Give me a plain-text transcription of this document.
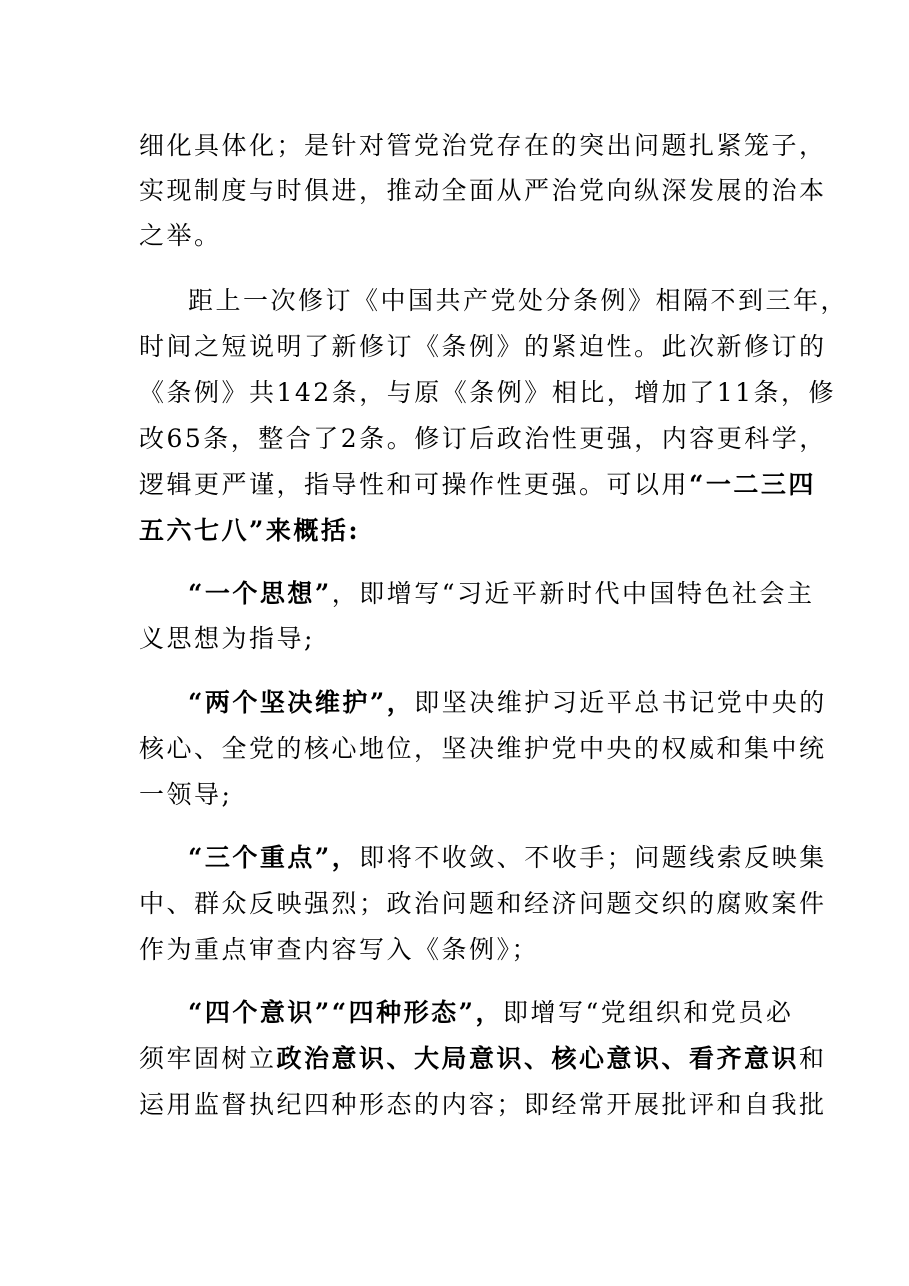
细化具体化；是针对管党治党存在的突出问题扎紧笼子，
实现制度与时俱进，推动全面从严治党向纵深发展的治本
之举。
距上一次修订《中国共产党处分条例》相隔不到三年，
时间之短说明了新修订《条例》的紧迫性。此次新修订的
《条例》共142条，与原《条例》相比，增加了11条，修
改65条，整合了2条。修订后政治性更强，内容更科学，
逻辑更严谨，指导性和可操作性更强。可以用“一二三四
五六七八”来概括:
“一个思想”，即增写“习近平新时代中国特色社会主
义思想为指导;
“两个坚决维护”，即坚决维护习近平总书记党中央的
核心、全党的核心地位，坚决维护党中央的权威和集中统
一领导;
“三个重点”，即将不收敛、不收手；问题线索反映集
中、群众反映强烈；政治问题和经济问题交织的腐败案件
作为重点审查内容写入《条例》；
“四个意识”“四种形态”，即增写“党组织和党员必
须牢固树立政治意识、大局意识、核心意识、看齐意识和
运用监督执纪四种形态的内容；即经常开展批评和自我批
